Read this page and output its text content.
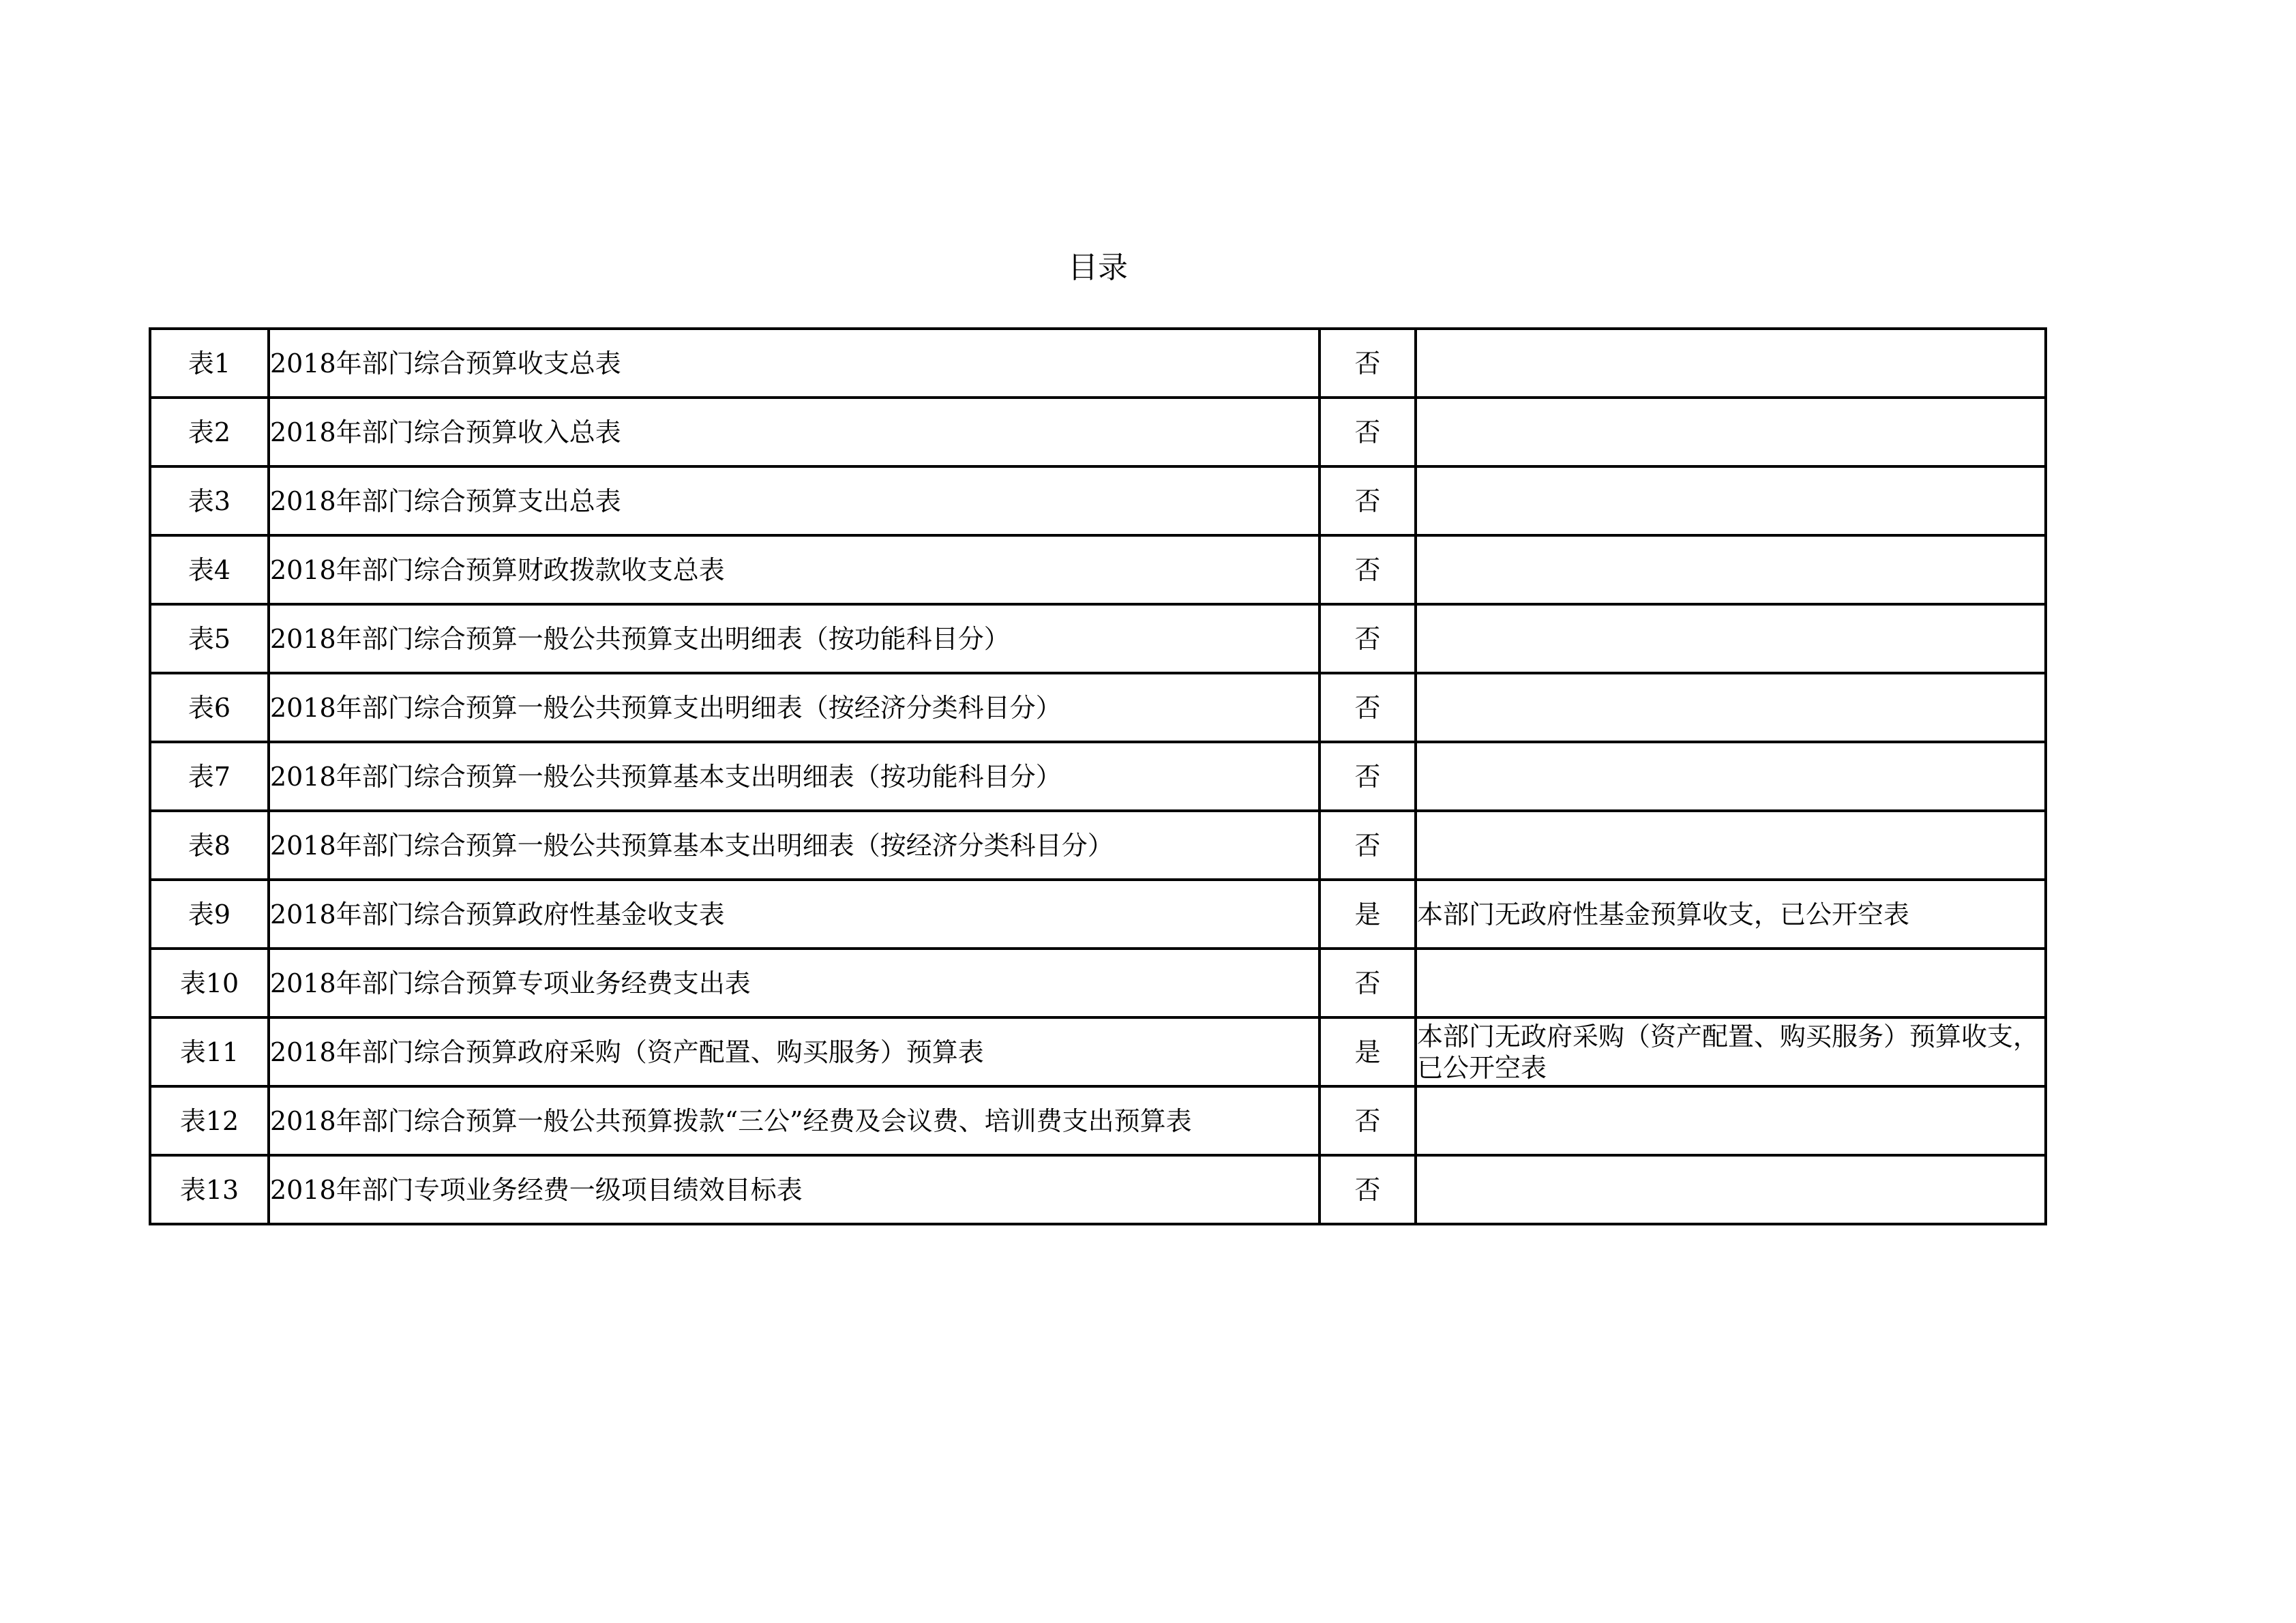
目录
表1	2018年部门综合预算收支总表	否	
表2	2018年部门综合预算收入总表	否	
表3	2018年部门综合预算支出总表	否	
表4	2018年部门综合预算财政拨款收支总表	否	
表5	2018年部门综合预算一般公共预算支出明细表（按功能科目分）	否	
表6	2018年部门综合预算一般公共预算支出明细表（按经济分类科目分）	否	
表7	2018年部门综合预算一般公共预算基本支出明细表（按功能科目分）	否	
表8	2018年部门综合预算一般公共预算基本支出明细表（按经济分类科目分）	否	
表9	2018年部门综合预算政府性基金收支表	是	本部门无政府性基金预算收支，已公开空表
表10	2018年部门综合预算专项业务经费支出表	否	
表11	2018年部门综合预算政府采购（资产配置、购买服务）预算表	是	本部门无政府采购（资产配置、购买服务）预算收支，已公开空表
表12	2018年部门综合预算一般公共预算拨款“三公”经费及会议费、培训费支出预算表	否	
表13	2018年部门专项业务经费一级项目绩效目标表	否	
